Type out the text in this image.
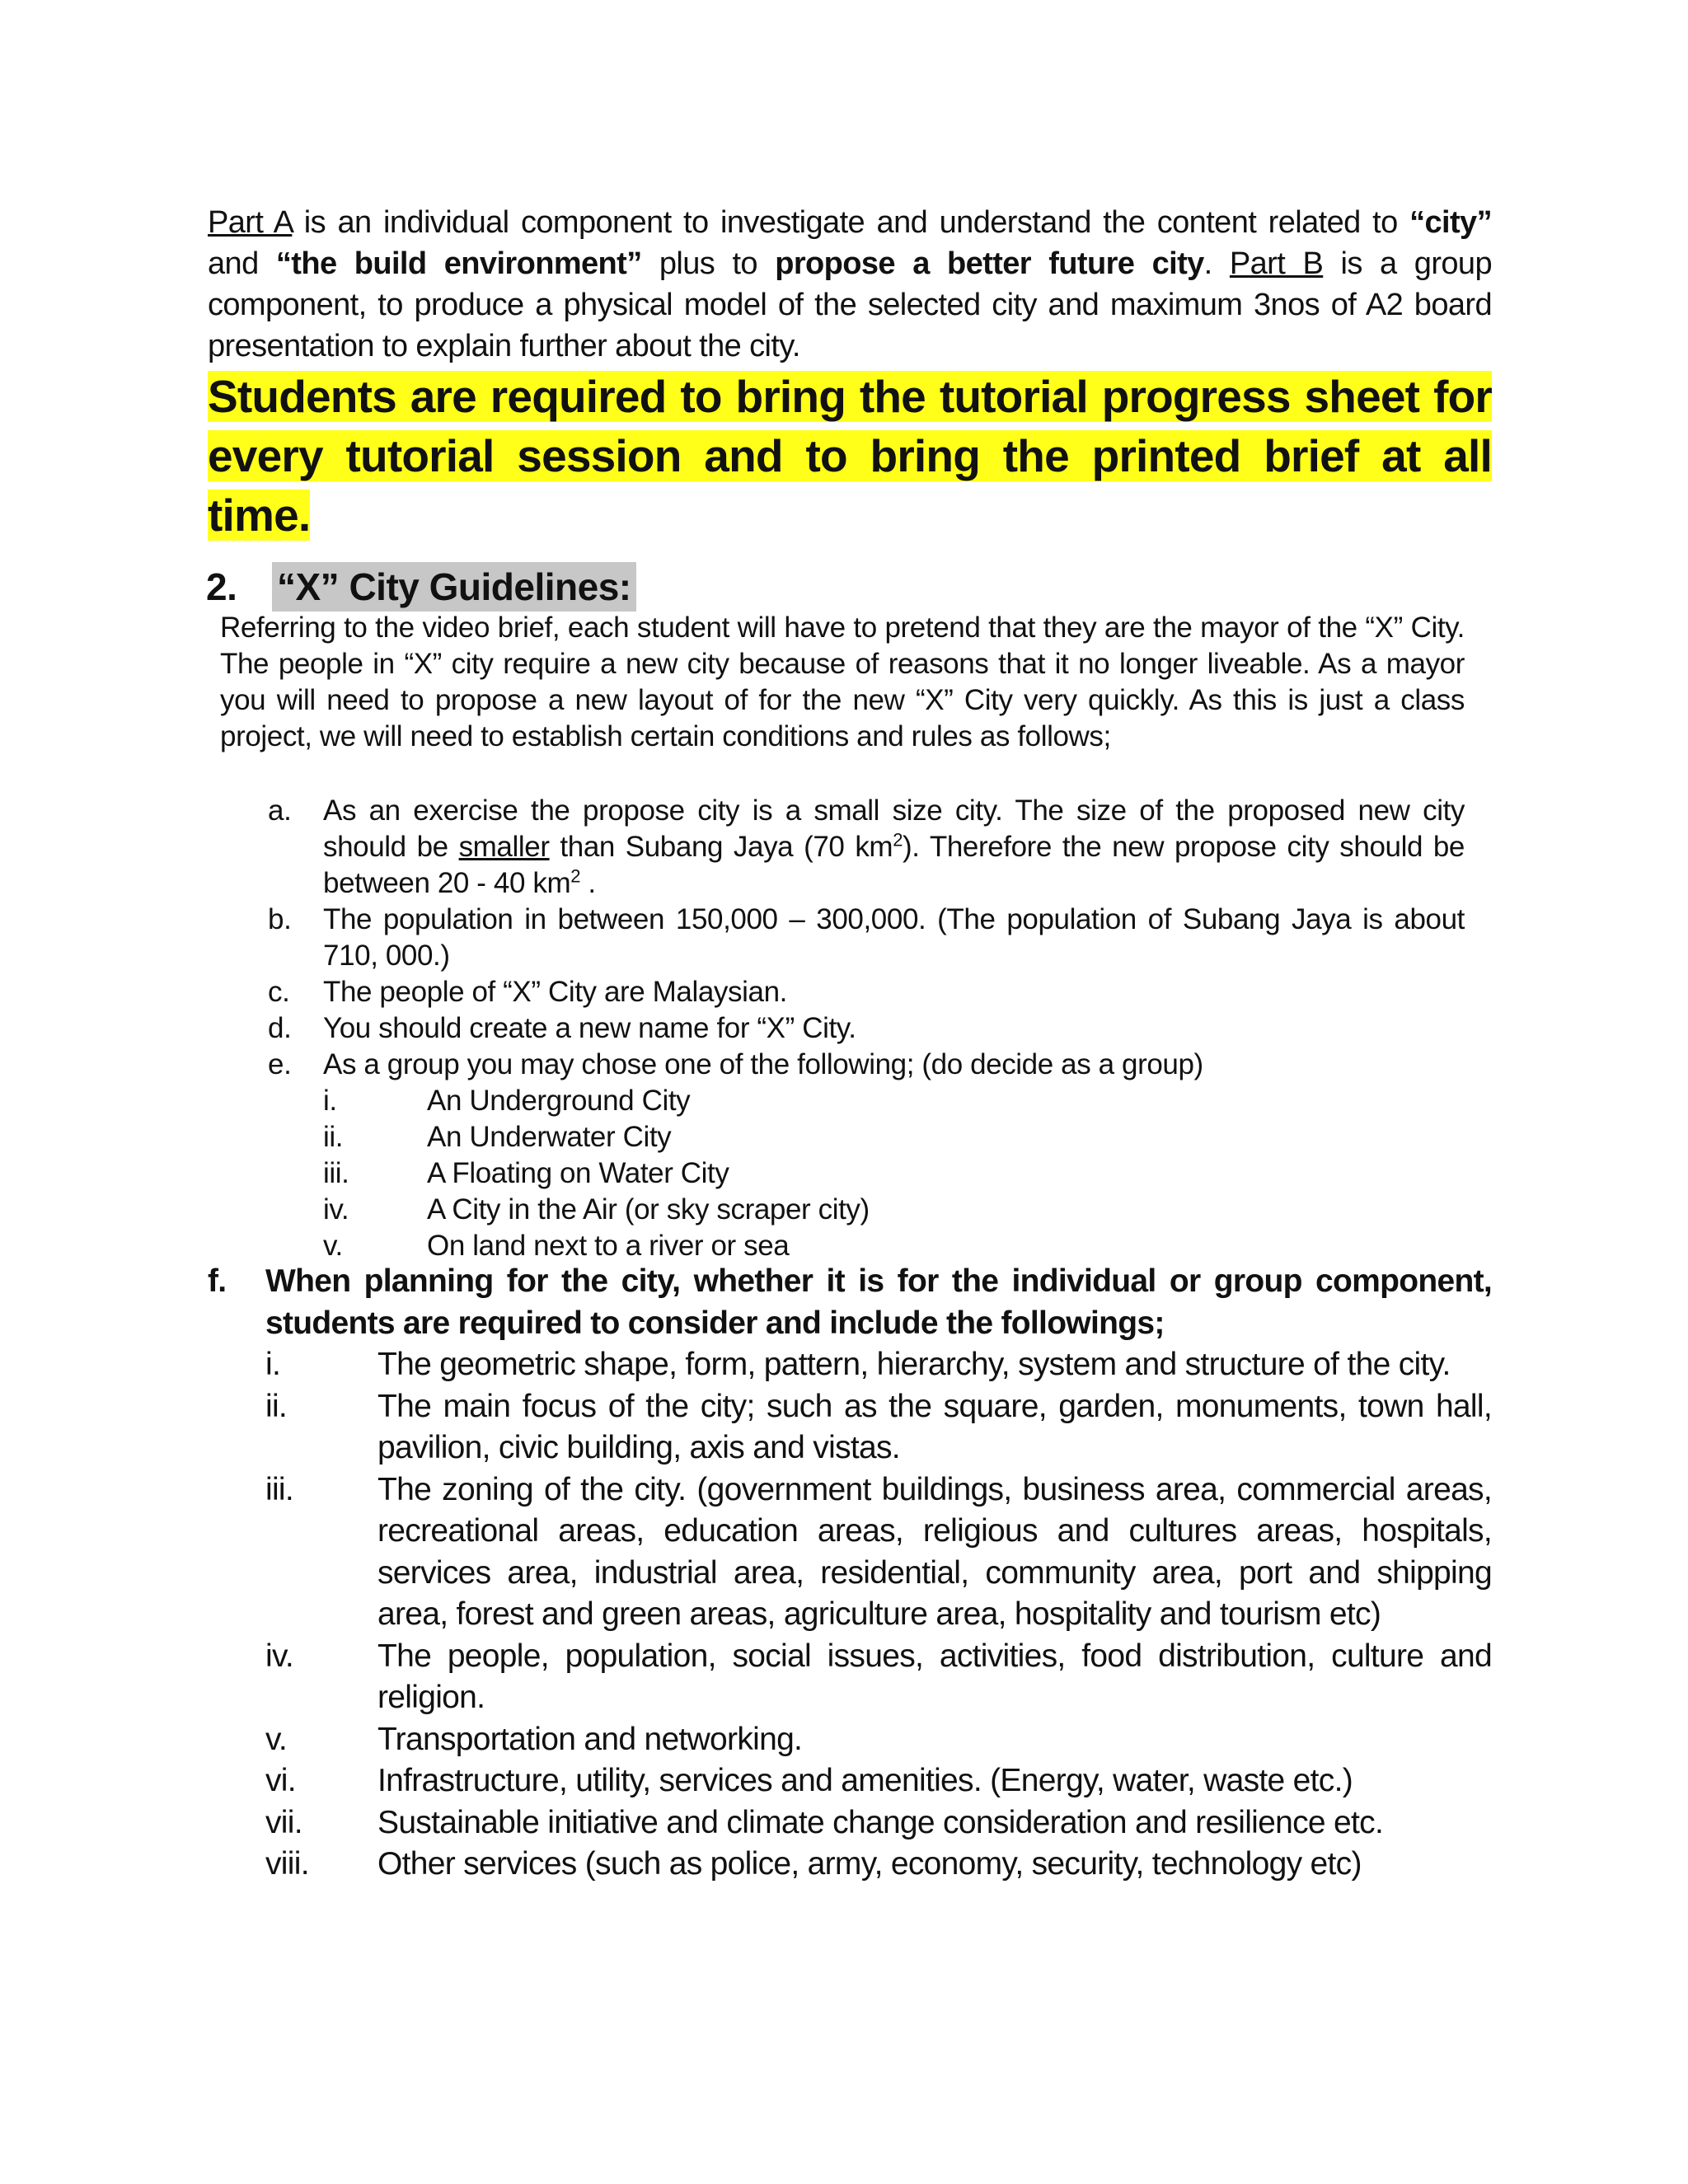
Part A is an individual component to investigate and understand the content related to “city” and “the build environment” plus to propose a better future city. Part B is a group component, to produce a physical model of the selected city and maximum 3nos of A2 board presentation to explain further about the city.
Students are required to bring the tutorial progress sheet for every tutorial session and to bring the printed brief at all time.
2.	“X” City Guidelines:
Referring to the video brief, each student will have to pretend that they are the mayor of the “X” City. The people in “X” city require a new city because of reasons that it no longer liveable. As a mayor you will need to propose a new layout of for the new “X” City very quickly. As this is just a class project, we will need to establish certain conditions and rules as follows;
a.	As an exercise the propose city is a small size city. The size of the proposed new city should be smaller than Subang Jaya (70 $km^2$). Therefore the new propose city should be between 20 - 40 $km^2$ .
b.	The population in between 150,000 – 300,000. (The population of Subang Jaya is about 710, 000.)
c.	The people of “X” City are Malaysian.
d.	You should create a new name for “X” City.
e.	As a group you may chose one of the following; (do decide as a group)
i.	An Underground City
ii.	An Underwater City
iii.	A Floating on Water City
iv.	A City in the Air (or sky scraper city)
v.	On land next to a river or sea
f.	When planning for the city, whether it is for the individual or group component, students are required to consider and include the followings;
i.	The geometric shape, form, pattern, hierarchy, system and structure of the city.
ii.	The main focus of the city; such as the square, garden, monuments, town hall, pavilion, civic building, axis and vistas.
iii.	The zoning of the city. (government buildings, business area, commercial areas, recreational areas, education areas, religious and cultures areas, hospitals, services area, industrial area, residential, community area, port and shipping area, forest and green areas, agriculture area, hospitality and tourism etc)
iv.	The people, population, social issues, activities, food distribution, culture and religion.
v.	Transportation and networking.
vi.	Infrastructure, utility, services and amenities. (Energy, water, waste etc.)
vii.	Sustainable initiative and climate change consideration and resilience etc.
viii.	Other services (such as police, army, economy, security, technology etc)
